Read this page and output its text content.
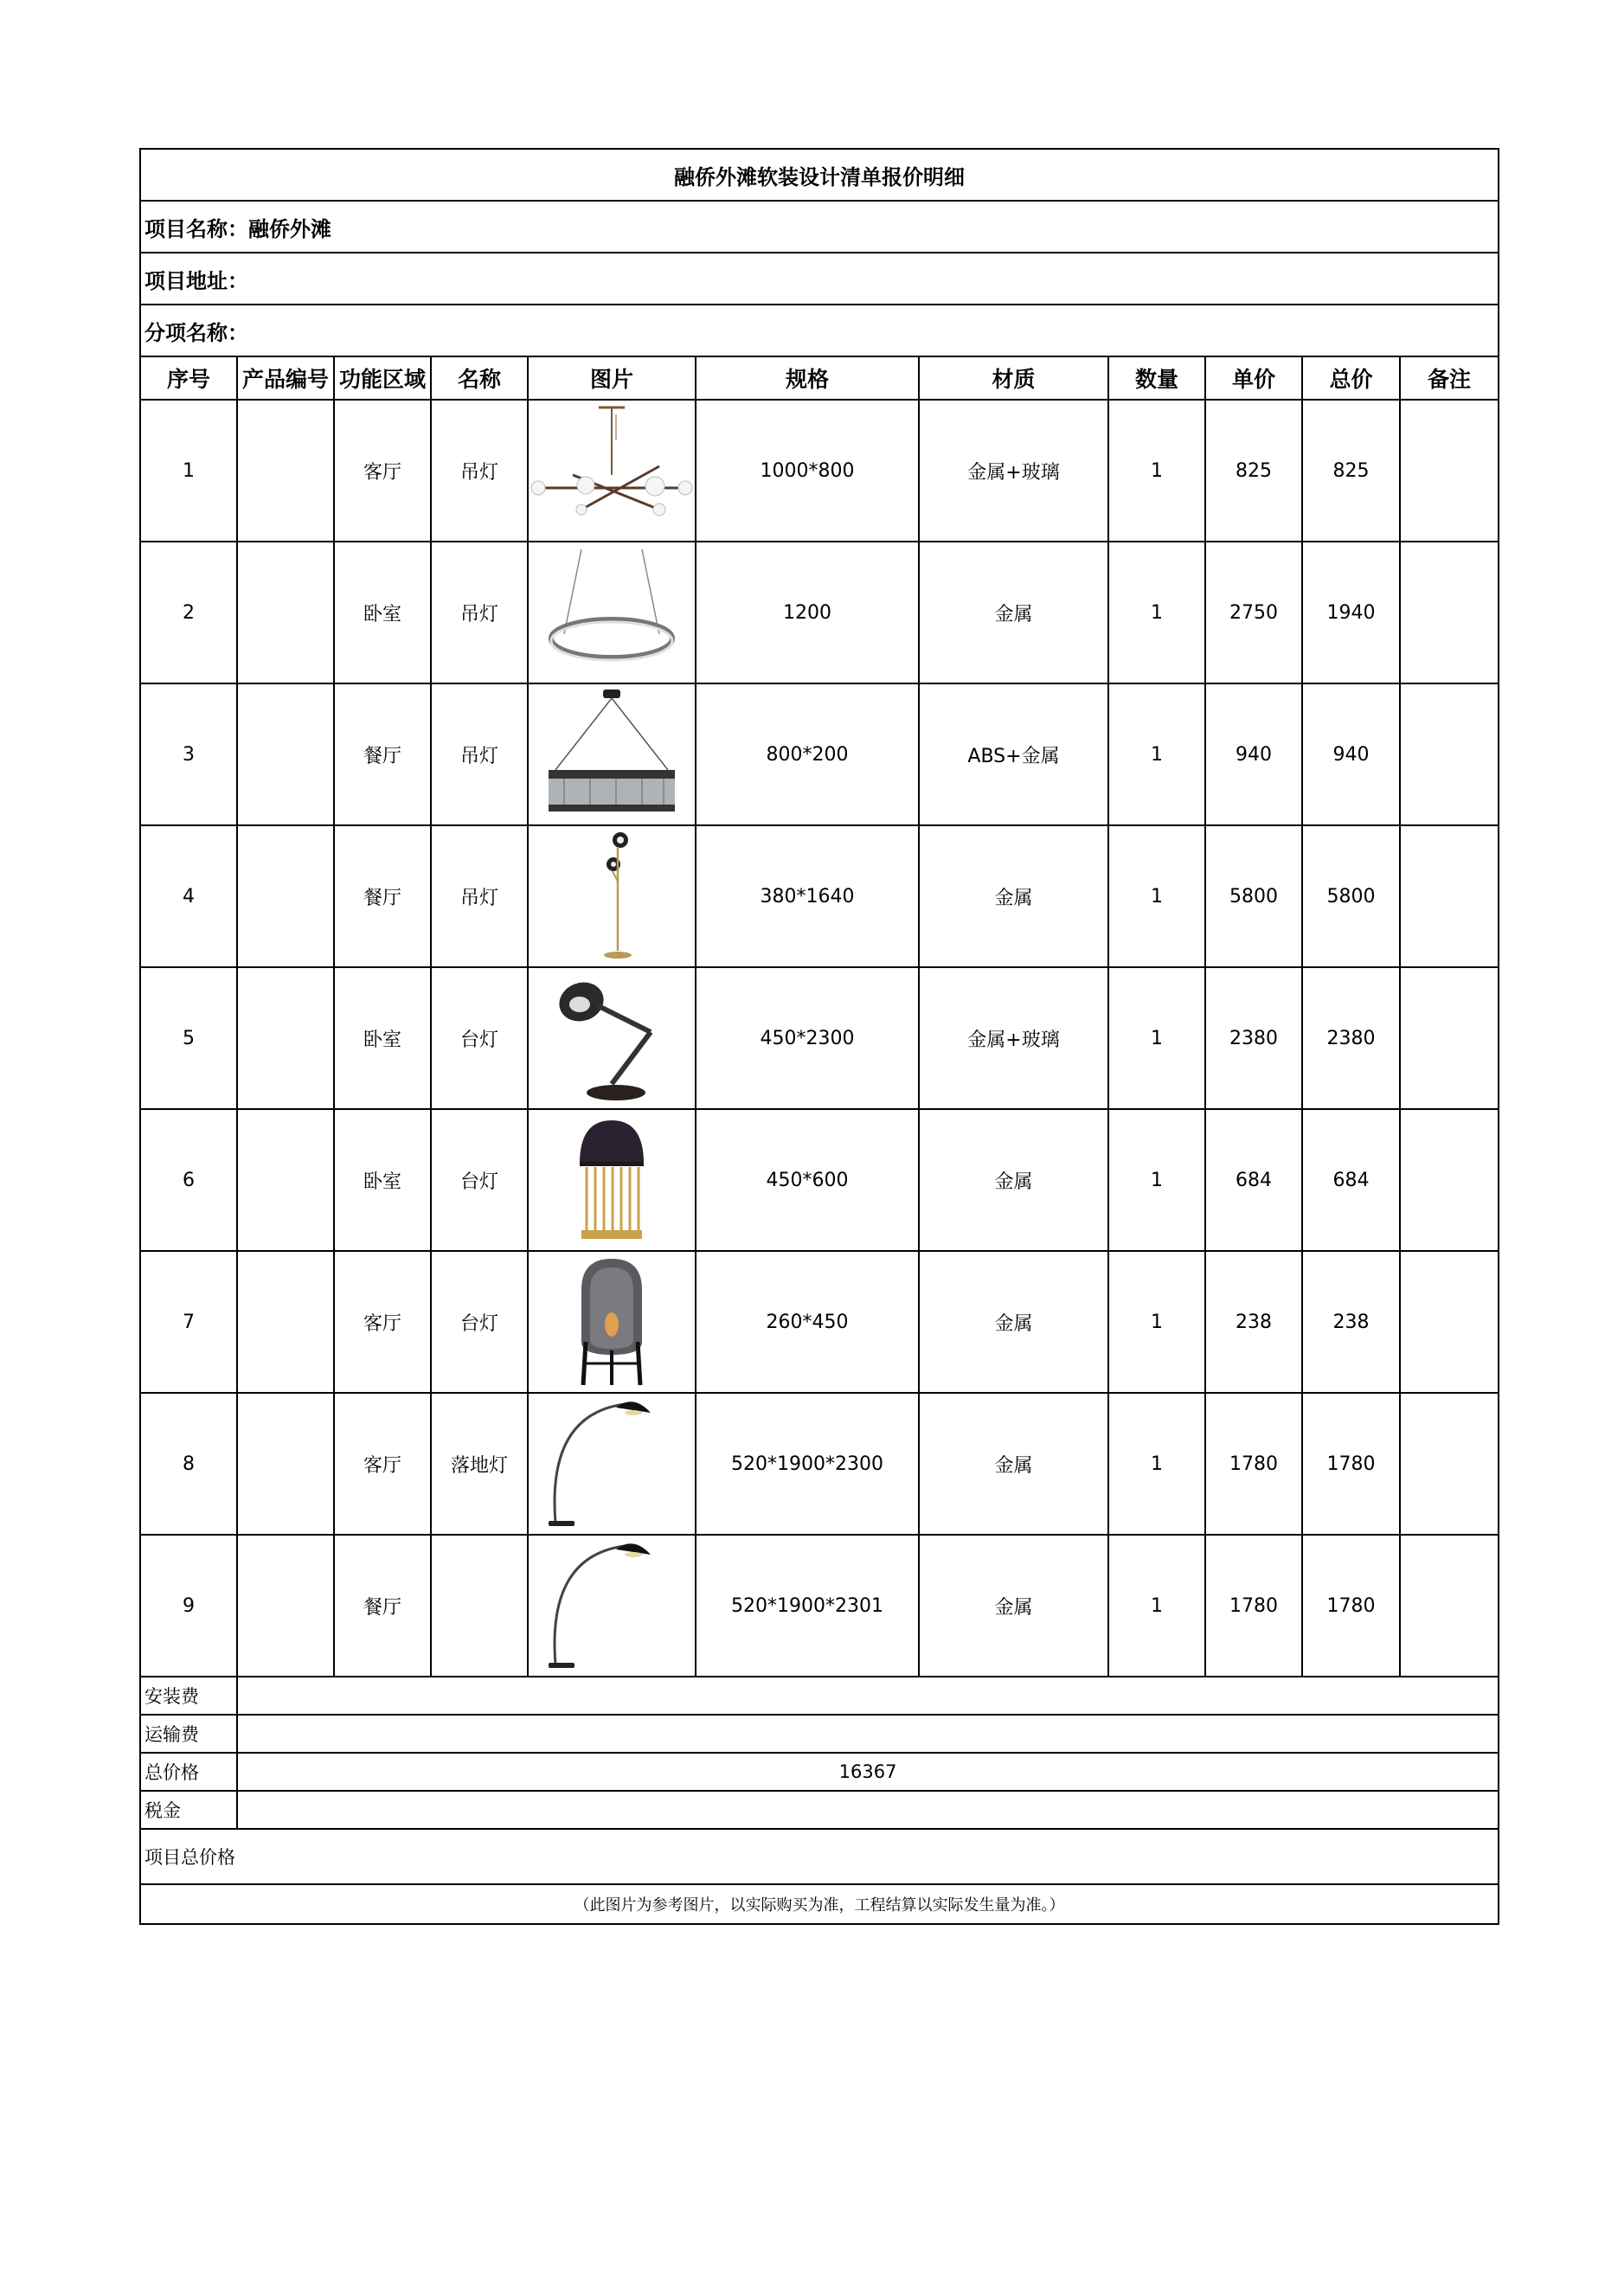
融侨外滩软装设计清单报价明细										
项目名称：融侨外滩										
项目地址：										
分项名称：										
序号	产品编号	功能区域	名称	图片	规格	材质	数量	单价	总价	备注
1		客厅	吊灯		1000*800	金属+玻璃	1	825	825	
2		卧室	吊灯		1200	金属	1	2750	1940	
3		餐厅	吊灯		800*200	ABS+金属	1	940	940	
4		餐厅	吊灯		380*1640	金属	1	5800	5800	
5		卧室	台灯		450*2300	金属+玻璃	1	2380	2380	
6		卧室	台灯		450*600	金属	1	684	684	
7		客厅	台灯		260*450	金属	1	238	238	
8		客厅	落地灯		520*1900*2300	金属	1	1780	1780	
9		餐厅			520*1900*2301	金属	1	1780	1780	
安装费										
运输费										
总价格	16367									
税金										
项目总价格										
（此图片为参考图片，以实际购买为准，工程结算以实际发生量为准。）										
